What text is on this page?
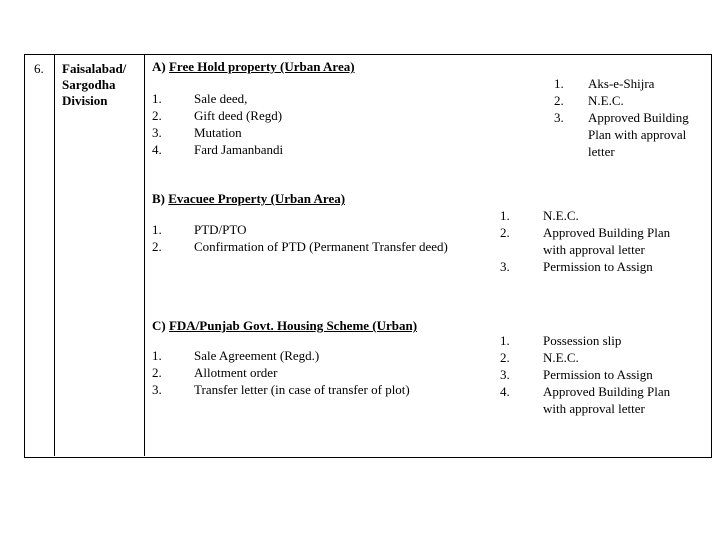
6. Faisalabad/
Sargodha
Division
A) Free Hold property (Urban Area)
1. Sale deed,
2. Gift deed (Regd)
3. Mutation
4. Fard Jamanbandi
1. Aks-e-Shijra
2. N.E.C.
3. Approved Building
Plan with approval
letter
B) Evacuee Property (Urban Area)
1. PTD/PTO
2. Confirmation of PTD (Permanent Transfer deed)
1.	N.E.C.
2.	Approved Building Plan
with approval letter
3.	Permission to Assign
C) FDA/Punjab Govt. Housing Scheme (Urban)
1. Sale Agreement (Regd.)
2. Allotment order
3. Transfer letter (in case of transfer of plot)
1.	Possession slip
2.	N.E.C.
3.	Permission to Assign
4.	Approved Building Plan
with approval letter
